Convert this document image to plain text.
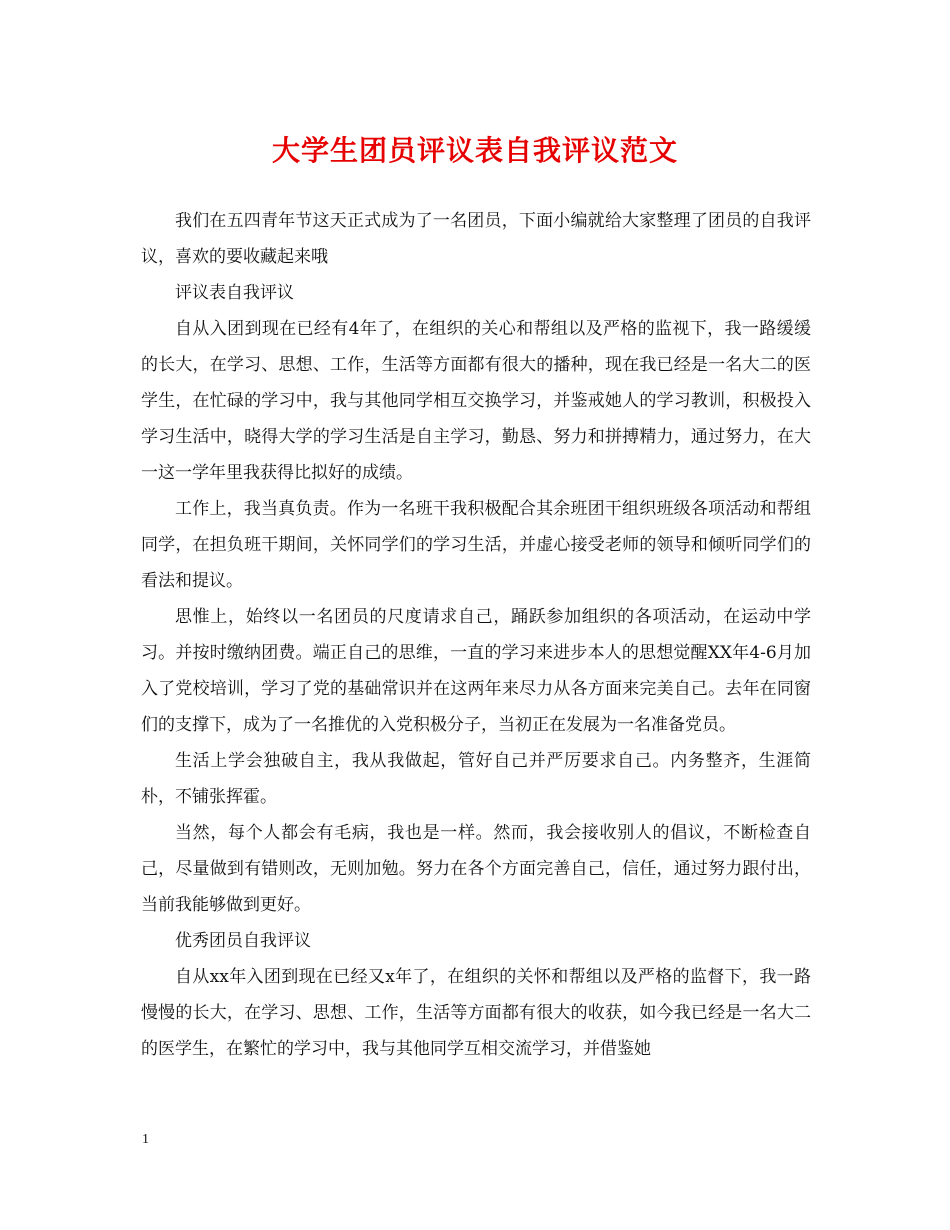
大学生团员评议表自我评议范文

我们在五四青年节这天正式成为了一名团员，下面小编就给大家整理了团员的自我评议，喜欢的要收藏起来哦

评议表自我评议

自从入团到现在已经有4年了，在组织的关心和帮组以及严格的监视下，我一路缓缓的长大，在学习、思想、工作，生活等方面都有很大的播种，现在我已经是一名大二的医学生，在忙碌的学习中，我与其他同学相互交换学习，并鉴戒她人的学习教训，积极投入学习生活中，晓得大学的学习生活是自主学习，勤恳、努力和拼搏精力，通过努力，在大一这一学年里我获得比拟好的成绩。

工作上，我当真负责。作为一名班干我积极配合其余班团干组织班级各项活动和帮组同学，在担负班干期间，关怀同学们的学习生活，并虚心接受老师的领导和倾听同学们的看法和提议。

思惟上，始终以一名团员的尺度请求自己，踊跃参加组织的各项活动，在运动中学习。并按时缴纳团费。端正自己的思维，一直的学习来进步本人的思想觉醒XX年4-6月加入了党校培训，学习了党的基础常识并在这两年来尽力从各方面来完美自己。去年在同窗们的支撑下，成为了一名推优的入党积极分子，当初正在发展为一名准备党员。

生活上学会独破自主，我从我做起，管好自己并严厉要求自己。内务整齐，生涯简朴，不铺张挥霍。

当然，每个人都会有毛病，我也是一样。然而，我会接收别人的倡议，不断检查自己，尽量做到有错则改，无则加勉。努力在各个方面完善自己，信任，通过努力跟付出，当前我能够做到更好。

优秀团员自我评议

自从xx年入团到现在已经又x年了，在组织的关怀和帮组以及严格的监督下，我一路慢慢的长大，在学习、思想、工作，生活等方面都有很大的收获，如今我已经是一名大二的医学生，在繁忙的学习中，我与其他同学互相交流学习，并借鉴她

1
